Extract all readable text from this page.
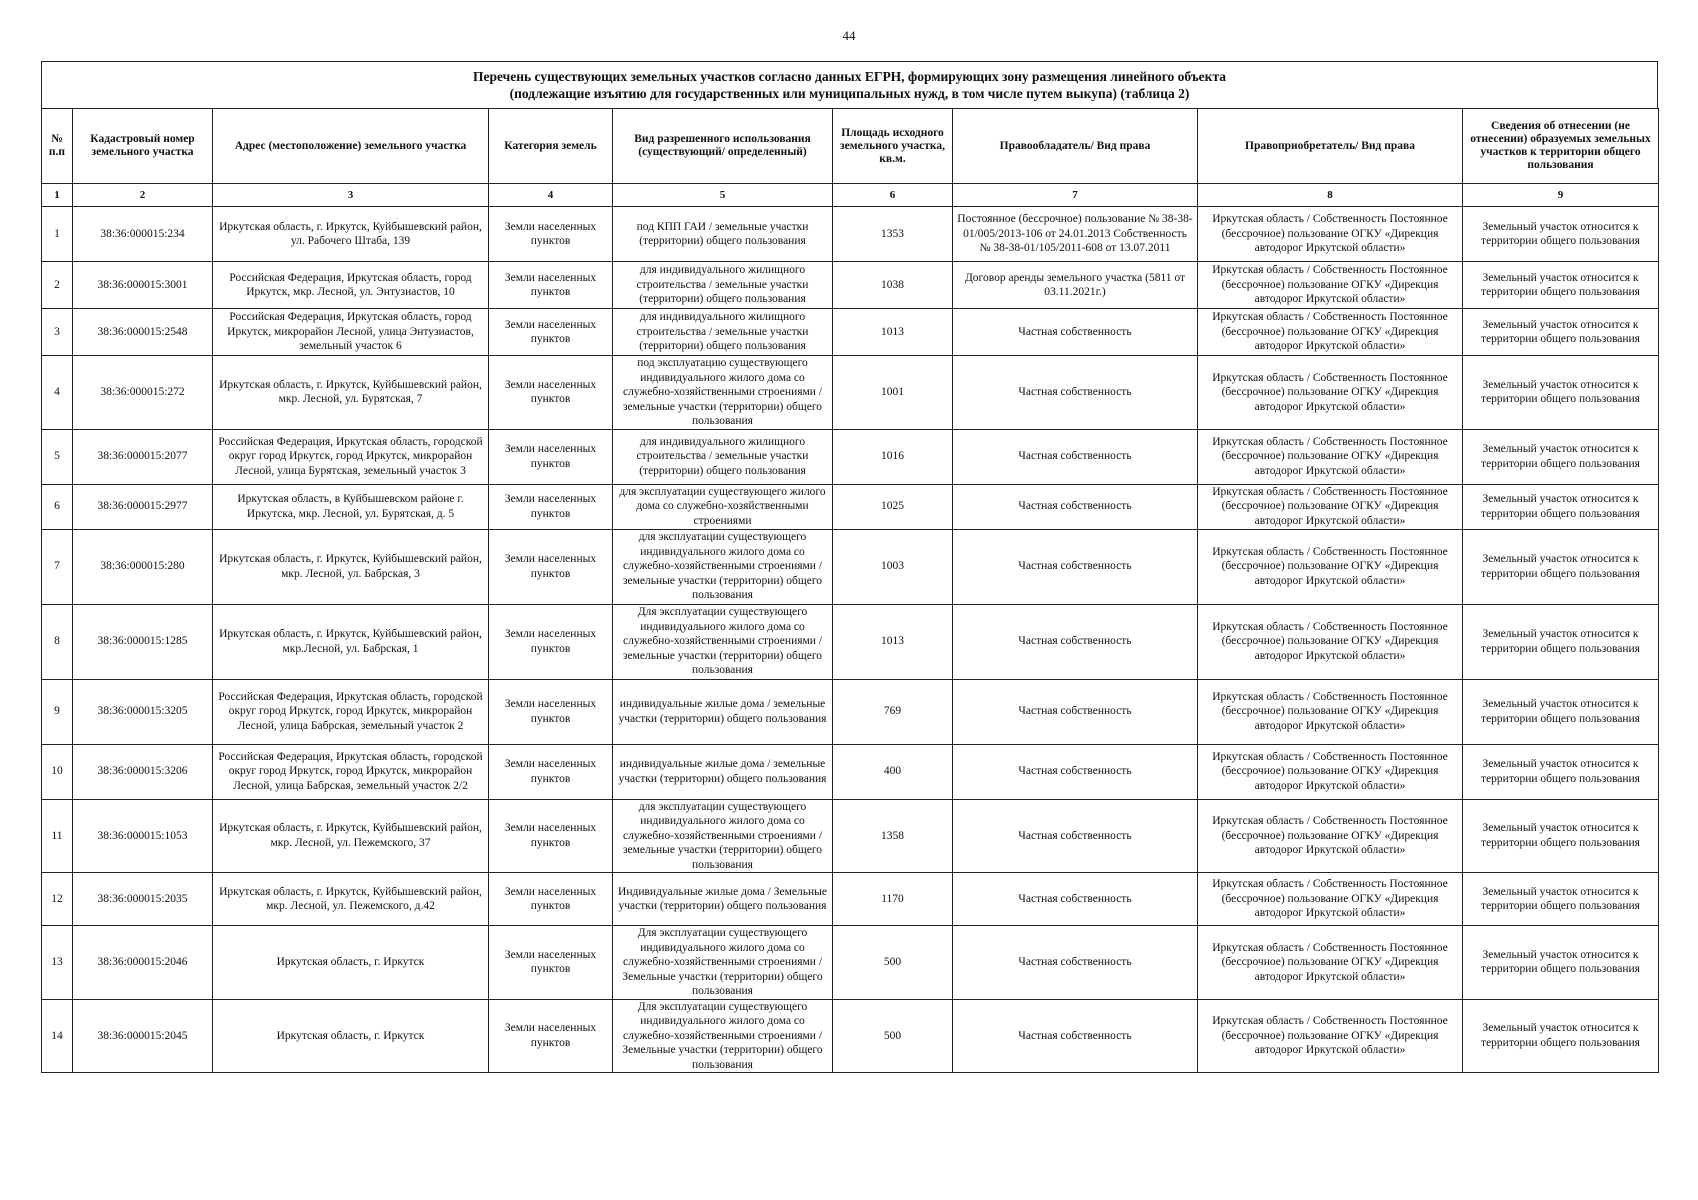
44
Перечень существующих земельных участков согласно данных ЕГРН, формирующих зону размещения линейного объекта
(подлежащие изъятию для государственных или муниципальных нужд, в том числе путем выкупа) (таблица 2)
№ п.п	Кадастровый номер земельного участка	Адрес (местоположение) земельного участка	Категория земель	Вид разрешенного использования (существующий/ определенный)	Площадь исходного земельного участка, кв.м.	Правообладатель/ Вид права	Правоприобретатель/ Вид права	Сведения об отнесении (не отнесении) образуемых земельных участков к территории общего пользования
1	2	3	4	5	6	7	8	9
1	38:36:000015:234	Иркутская область, г. Иркутск, Куйбышевский район, ул. Рабочего Штаба, 139	Земли населенных пунктов	под КПП ГАИ / земельные участки (территории) общего пользования	1353	Постоянное (бессрочное) пользование № 38-38-01/005/2013-106 от 24.01.2013 Собственность № 38-38-01/105/2011-608 от 13.07.2011	Иркутская область / Собственность Постоянное (бессрочное) пользование ОГКУ «Дирекция автодорог Иркутской области»	Земельный участок относится к территории общего пользования
2	38:36:000015:3001	Российская Федерация, Иркутская область, город Иркутск, мкр. Лесной, ул. Энтузиастов, 10	Земли населенных пунктов	для индивидуального жилищного строительства / земельные участки (территории) общего пользования	1038	Договор аренды земельного участка (5811 от 03.11.2021г.)	Иркутская область / Собственность Постоянное (бессрочное) пользование ОГКУ «Дирекция автодорог Иркутской области»	Земельный участок относится к территории общего пользования
3	38:36:000015:2548	Российская Федерация, Иркутская область, город Иркутск, микрорайон Лесной, улица Энтузиастов, земельный участок 6	Земли населенных пунктов	для индивидуального жилищного строительства / земельные участки (территории) общего пользования	1013	Частная собственность	Иркутская область / Собственность Постоянное (бессрочное) пользование ОГКУ «Дирекция автодорог Иркутской области»	Земельный участок относится к территории общего пользования
4	38:36:000015:272	Иркутская область, г. Иркутск, Куйбышевский район, мкр. Лесной, ул. Бурятская, 7	Земли населенных пунктов	под эксплуатацию существующего индивидуального жилого дома со служебно-хозяйственными строениями / земельные участки (территории) общего пользования	1001	Частная собственность	Иркутская область / Собственность Постоянное (бессрочное) пользование ОГКУ «Дирекция автодорог Иркутской области»	Земельный участок относится к территории общего пользования
5	38:36:000015:2077	Российская Федерация, Иркутская область, городской округ город Иркутск, город Иркутск, микрорайон Лесной, улица Бурятская, земельный участок 3	Земли населенных пунктов	для индивидуального жилищного строительства / земельные участки (территории) общего пользования	1016	Частная собственность	Иркутская область / Собственность Постоянное (бессрочное) пользование ОГКУ «Дирекция автодорог Иркутской области»	Земельный участок относится к территории общего пользования
6	38:36:000015:2977	Иркутская область, в Куйбышевском районе г. Иркутска, мкр. Лесной, ул. Бурятская, д. 5	Земли населенных пунктов	для эксплуатации существующего жилого дома со служебно-хозяйственными строениями	1025	Частная собственность	Иркутская область / Собственность Постоянное (бессрочное) пользование ОГКУ «Дирекция автодорог Иркутской области»	Земельный участок относится к территории общего пользования
7	38:36:000015:280	Иркутская область, г. Иркутск, Куйбышевский район, мкр. Лесной, ул. Бабрская, 3	Земли населенных пунктов	для эксплуатации существующего индивидуального жилого дома со служебно-хозяйственными строениями / земельные участки (территории) общего пользования	1003	Частная собственность	Иркутская область / Собственность Постоянное (бессрочное) пользование ОГКУ «Дирекция автодорог Иркутской области»	Земельный участок относится к территории общего пользования
8	38:36:000015:1285	Иркутская область, г. Иркутск, Куйбышевский район, мкр.Лесной, ул. Бабрская, 1	Земли населенных пунктов	Для эксплуатации существующего индивидуального жилого дома со служебно-хозяйственными строениями / земельные участки (территории) общего пользования	1013	Частная собственность	Иркутская область / Собственность Постоянное (бессрочное) пользование ОГКУ «Дирекция автодорог Иркутской области»	Земельный участок относится к территории общего пользования
9	38:36:000015:3205	Российская Федерация, Иркутская область, городской округ город Иркутск, город Иркутск, микрорайон Лесной, улица Бабрская, земельный участок 2	Земли населенных пунктов	индивидуальные жилые дома / земельные участки (территории) общего пользования	769	Частная собственность	Иркутская область / Собственность Постоянное (бессрочное) пользование ОГКУ «Дирекция автодорог Иркутской области»	Земельный участок относится к территории общего пользования
10	38:36:000015:3206	Российская Федерация, Иркутская область, городской округ город Иркутск, город Иркутск, микрорайон Лесной, улица Бабрская, земельный участок 2/2	Земли населенных пунктов	индивидуальные жилые дома / земельные участки (территории) общего пользования	400	Частная собственность	Иркутская область / Собственность Постоянное (бессрочное) пользование ОГКУ «Дирекция автодорог Иркутской области»	Земельный участок относится к территории общего пользования
11	38:36:000015:1053	Иркутская область, г. Иркутск, Куйбышевский район, мкр. Лесной, ул. Пежемского, 37	Земли населенных пунктов	для эксплуатации существующего индивидуального жилого дома со служебно-хозяйственными строениями / земельные участки (территории) общего пользования	1358	Частная собственность	Иркутская область / Собственность Постоянное (бессрочное) пользование ОГКУ «Дирекция автодорог Иркутской области»	Земельный участок относится к территории общего пользования
12	38:36:000015:2035	Иркутская область, г. Иркутск, Куйбышевский район, мкр. Лесной, ул. Пежемского, д.42	Земли населенных пунктов	Индивидуальные жилые дома / Земельные участки (территории) общего пользования	1170	Частная собственность	Иркутская область / Собственность Постоянное (бессрочное) пользование ОГКУ «Дирекция автодорог Иркутской области»	Земельный участок относится к территории общего пользования
13	38:36:000015:2046	Иркутская область, г. Иркутск	Земли населенных пунктов	Для эксплуатации существующего индивидуального жилого дома со служебно-хозяйственными строениями / Земельные участки (территории) общего пользования	500	Частная собственность	Иркутская область / Собственность Постоянное (бессрочное) пользование ОГКУ «Дирекция автодорог Иркутской области»	Земельный участок относится к территории общего пользования
14	38:36:000015:2045	Иркутская область, г. Иркутск	Земли населенных пунктов	Для эксплуатации существующего индивидуального жилого дома со служебно-хозяйственными строениями / Земельные участки (территории) общего пользования	500	Частная собственность	Иркутская область / Собственность Постоянное (бессрочное) пользование ОГКУ «Дирекция автодорог Иркутской области»	Земельный участок относится к территории общего пользования
